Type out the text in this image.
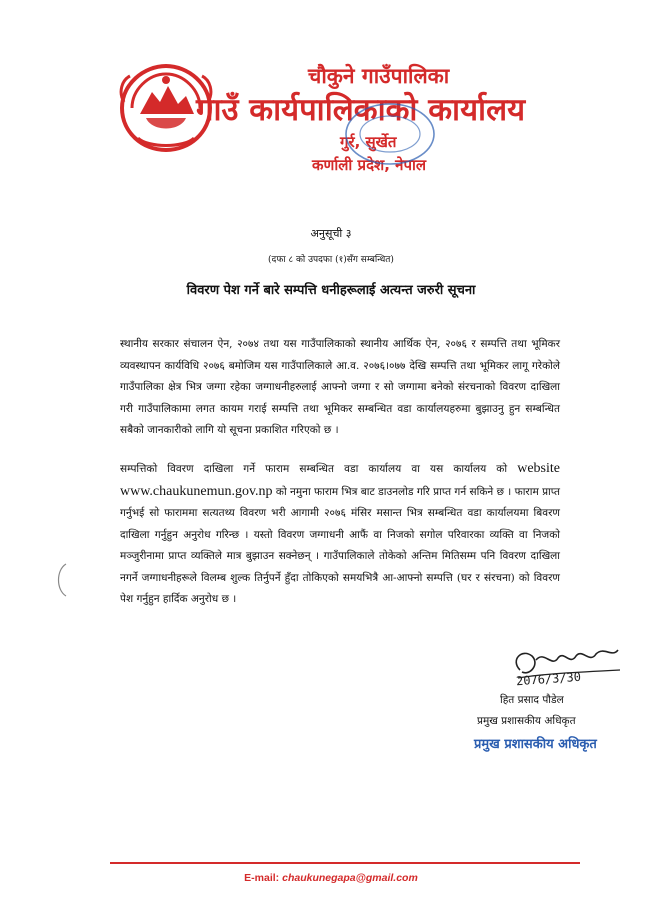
चौकुने गाउँपालिका
गाउँ कार्यपालिकाको कार्यालय
गुर्र, सुर्खेत
कर्णाली प्रदेश, नेपाल
अनुसूची ३
(दफा ८ को उपदफा (१)सँग सम्बन्धित)
विवरण पेश गर्ने बारे सम्पत्ति धनीहरूलाई अत्यन्त जरुरी सूचना
स्थानीय सरकार संचालन ऐन, २०७४ तथा यस गाउँपालिकाको स्थानीय आर्थिक ऐन, २०७६ र सम्पत्ति तथा भूमिकर व्यवस्थापन कार्यविधि २०७६ बमोजिम यस गाउँपालिकाले आ.व. २०७६।०७७ देखि सम्पत्ति तथा भूमिकर लागू गरेकोले गाउँपालिका क्षेत्र भित्र जग्गा रहेका जग्गाधनीहरुलाई आफ्नो जग्गा र सो जग्गामा बनेको संरचनाको विवरण दाखिला गरी गाउँपालिकामा लगत कायम गराई सम्पत्ति तथा भूमिकर सम्बन्धित वडा कार्यालयहरुमा बुझाउनु हुन सम्बन्धित सबैको जानकारीको लागि यो सूचना प्रकाशित गरिएको छ ।
सम्पत्तिको विवरण दाखिला गर्ने फाराम सम्बन्धित वडा कार्यालय वा यस कार्यालय को website www.chaukunemun.gov.np को नमुना फाराम भित्र बाट डाउनलोड गरि प्राप्त गर्न सकिने छ । फाराम प्राप्त गर्नुभई सो फाराममा सत्यतथ्य विवरण भरी आगामी २०७६ मंसिर मसान्त भित्र सम्बन्धित वडा कार्यालयमा बिवरण दाखिला गर्नुहुन अनुरोध गरिन्छ । यस्तो विवरण जग्गाधनी आफैं वा निजको सगोल परिवारका व्यक्ति वा निजको मञ्जुरीनामा प्राप्त व्यक्तिले मात्र बुझाउन सक्नेछन् । गाउँपालिकाले तोकेको अन्तिम मितिसम्म पनि विवरण दाखिला नगर्ने जग्गाधनीहरूले विलम्ब शुल्क तिर्नुपर्ने हुँदा तोकिएको समयभित्रै आ-आफ्नो सम्पत्ति (घर र संरचना) को विवरण पेश गर्नुहुन हार्दिक अनुरोध छ ।
2076/3/30
हित प्रसाद पौडेल
प्रमुख प्रशासकीय अधिकृत
प्रमुख प्रशासकीय अधिकृत
E-mail: chaukunegapa@gmail.com
